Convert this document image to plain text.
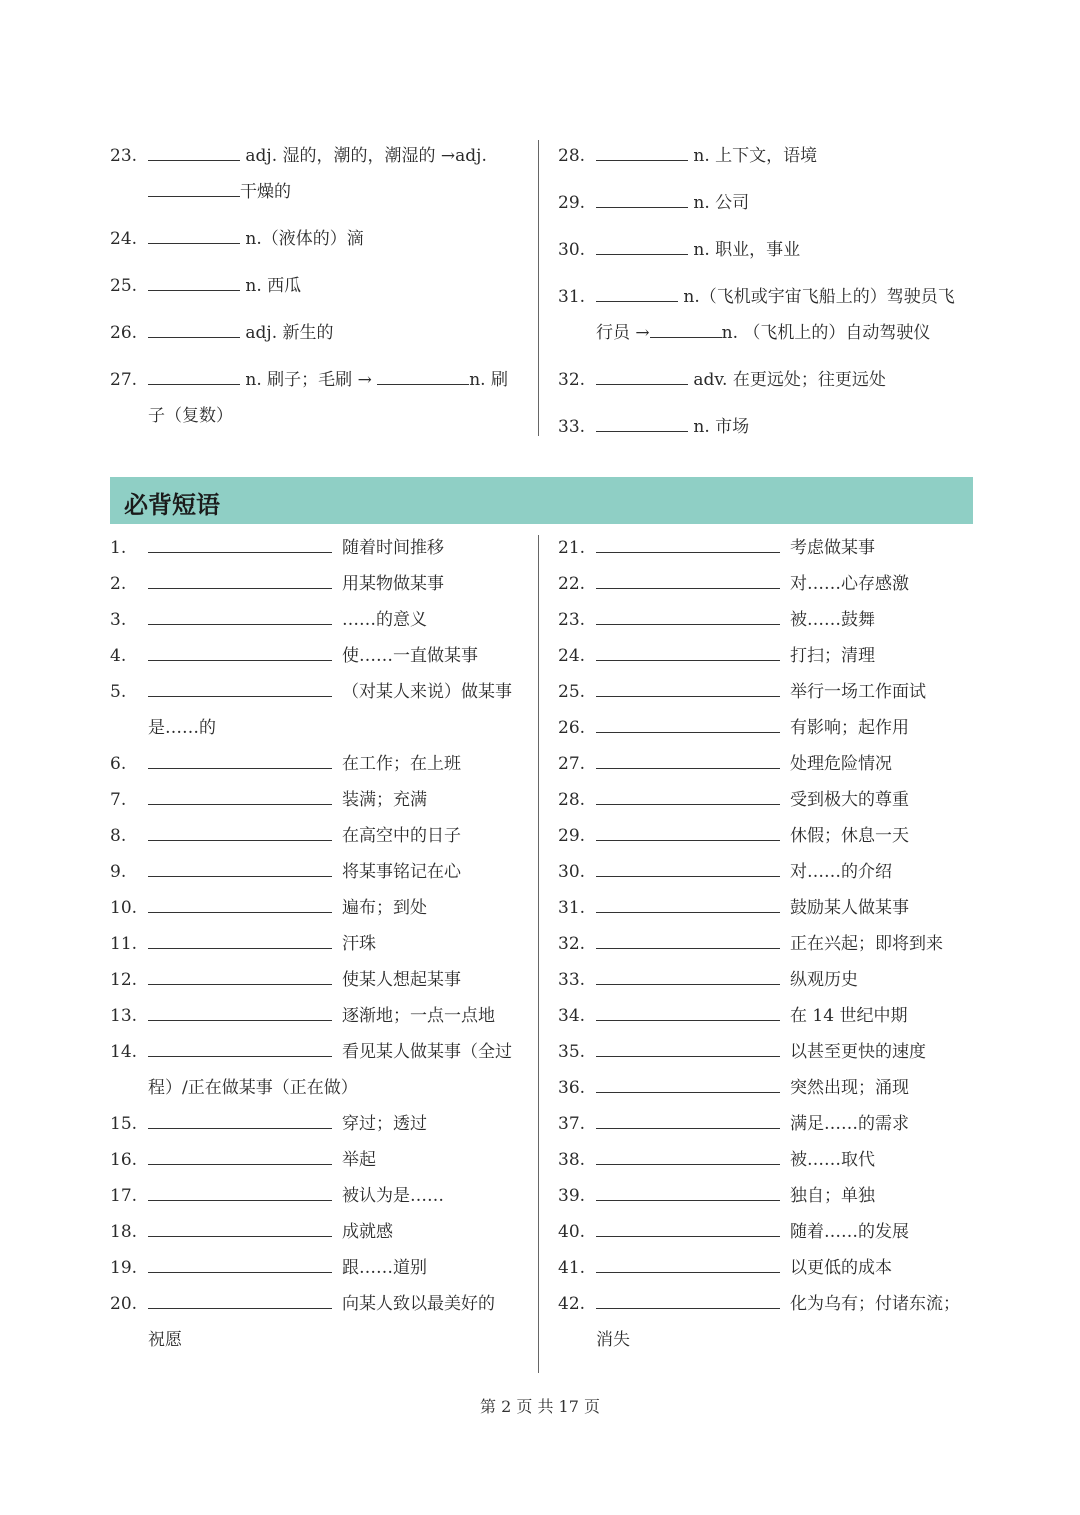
23.	adj. 湿的，潮的，潮湿的 →adj.
干燥的
24.	n.（液体的）滴
25.	n. 西瓜
26.	adj. 新生的
27.	n. 刷子；毛刷 →	n. 刷
子（复数）
28.	n. 上下文，语境
29.	n. 公司
30.	n. 职业，事业
31.	n.（飞机或宇宙飞船上的）驾驶员飞
行员 →	n. （飞机上的）自动驾驶仪
32.	adv. 在更远处；往更远处
33.	n. 市场
必背短语
1.	随着时间推移
2.	用某物做某事
3.	……的意义
4.	使……一直做某事
5.	（对某人来说）做某事
是……的
6.	在工作；在上班
7.	装满；充满
8.	在高空中的日子
9.	将某事铭记在心
10.	遍布；到处
11.	汗珠
12.	使某人想起某事
13.	逐渐地；一点一点地
14.	看见某人做某事（全过
程）/正在做某事（正在做）
15.	穿过；透过
16.	举起
17.	被认为是……
18.	成就感
19.	跟……道别
20.	向某人致以最美好的
祝愿
21.	考虑做某事
22.	对……心存感激
23.	被……鼓舞
24.	打扫；清理
25.	举行一场工作面试
26.	有影响；起作用
27.	处理危险情况
28.	受到极大的尊重
29.	休假；休息一天
30.	对……的介绍
31.	鼓励某人做某事
32.	正在兴起；即将到来
33.	纵观历史
34.	在 14 世纪中期
35.	以甚至更快的速度
36.	突然出现；涌现
37.	满足……的需求
38.	被……取代
39.	独自；单独
40.	随着……的发展
41.	以更低的成本
42.	化为乌有；付诸东流；
消失
第 2 页 共 17 页
